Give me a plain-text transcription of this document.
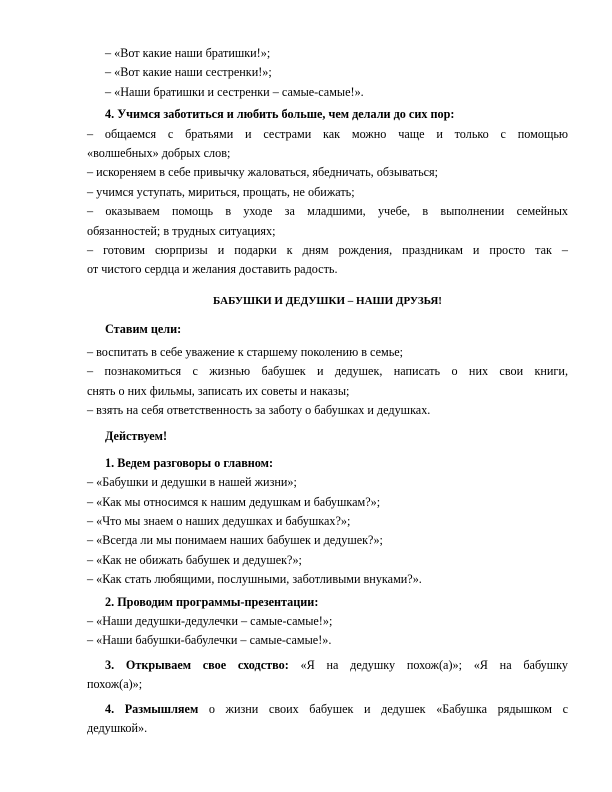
– «Вот какие наши братишки!»;
– «Вот какие наши сестренки!»;
– «Наши братишки и сестренки – самые-самые!».
4. Учимся заботиться и любить больше, чем делали до сих пор:
– общаемся с братьями и сестрами как можно чаще и только с помощью
«волшебных» добрых слов;
– искореняем в себе привычку жаловаться, ябедничать, обзываться;
– учимся уступать, мириться, прощать, не обижать;
– оказываем помощь в уходе за младшими, учебе, в выполнении семейных
обязанностей; в трудных ситуациях;
– готовим сюрпризы и подарки к дням рождения, праздникам и просто так –
от чистого сердца и желания доставить радость.
БАБУШКИ И ДЕДУШКИ – НАШИ ДРУЗЬЯ!
Ставим цели:
– воспитать в себе уважение к старшему поколению в семье;
– познакомиться с жизнью бабушек и дедушек, написать о них свои книги,
снять о них фильмы, записать их советы и наказы;
– взять на себя ответственность за заботу о бабушках и дедушках.
Действуем!
1. Ведем разговоры о главном:
– «Бабушки и дедушки в нашей жизни»;
– «Как мы относимся к нашим дедушкам и бабушкам?»;
– «Что мы знаем о наших дедушках и бабушках?»;
– «Всегда ли мы понимаем наших бабушек и дедушек?»;
– «Как не обижать бабушек и дедушек?»;
– «Как стать любящими, послушными, заботливыми внуками?».
2. Проводим программы-презентации:
– «Наши дедушки-дедулечки – самые-самые!»;
– «Наши бабушки-бабулечки – самые-самые!».
3. Открываем свое сходство: «Я на дедушку похож(а)»; «Я на бабушку
похож(а)»;
4. Размышляем о жизни своих бабушек и дедушек «Бабушка рядышком с
дедушкой».
